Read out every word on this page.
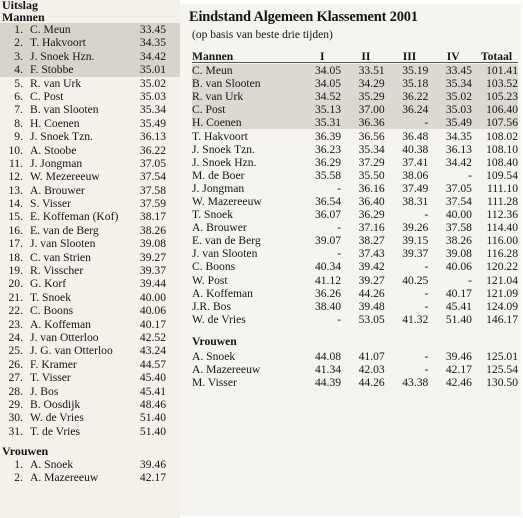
Uitslag
Mannen
1. C. Meun	33.45
2. T. Hakvoort	34.35
3. J. Snoek Hzn.	34.42
4. F. Stobbe	35.01
5. R. van Urk	35.02
6. C. Post	35.03
7. B. van Slooten	35.34
8. H. Coenen	35.49
9. J. Snoek Tzn.	36.13
10. A. Stoobe	36.22
11. J. Jongman	37.05
12. W. Mezereeuw	37.54
13. A. Brouwer	37.58
14. S. Visser	37.59
15. E. Koffeman (Kof)	38.17
16. E. van de Berg	38.26
17. J. van Slooten	39.08
18. C. van Strien	39.27
19. R. Visscher	39.37
20. G. Korf	39.44
21. T. Snoek	40.00
22. C. Boons	40.06
23. A. Koffeman	40.17
24. J. van Otterloo	42.52
25. J. G. van Otterloo	43.24
26. F. Kramer	44.57
27. T. Visser	45.40
28. J. Bos	45.41
29. B. Oosdijk	48.46
30. W. de Vries	51.40
31. T. de Vries	51.40
Vrouwen
1. A. Snoek	39.46
2. A. Mazereeuw	42.17
Eindstand Algemeen Klassement 2001
(op basis van beste drie tijden)
Mannen	I	II	III	IV	Totaal
C. Meun	34.05	33.51	35.19	33.45	101.41
B. van Slooten	34.05	34.29	35.18	35.34	103.52
R. van Urk	34.52	35.29	36.22	35.02	105.23
C. Post	35.13	37.00	36.24	35.03	106.40
H. Coenen	35.31	36.36	-	35.49	107.56
T. Hakvoort	36.39	36.56	36.48	34.35	108.02
J. Snoek Tzn.	36.23	35.34	40.38	36.13	108.10
J. Snoek Hzn.	36.29	37.29	37.41	34.42	108.40
M. de Boer	35.58	35.50	38.06	-	109.54
J. Jongman	-	36.16	37.49	37.05	111.10
W. Mazereeuw	36.54	36.40	38.31	37.54	111.28
T. Snoek	36.07	36.29	-	40.00	112.36
A. Brouwer	-	37.16	39.26	37.58	114.40
E. van de Berg	39.07	38.27	39.15	38.26	116.00
J. van Slooten	-	37.43	39.37	39.08	116.28
C. Boons	40.34	39.42	-	40.06	120.22
W. Post	41.12	39.27	40.25	-	121.04
A. Koffeman	36.26	44.26	-	40.17	121.09
J.R. Bos	38.40	39.48	-	45.41	124.09
W. de Vries	-	53.05	41.32	51.40	146.17

Vrouwen					
A. Snoek	44.08	41.07	-	39.46	125.01
A. Mazereeuw	41.34	42.03	-	42.17	125.54
M. Visser	44.39	44.26	43.38	42.46	130.50
